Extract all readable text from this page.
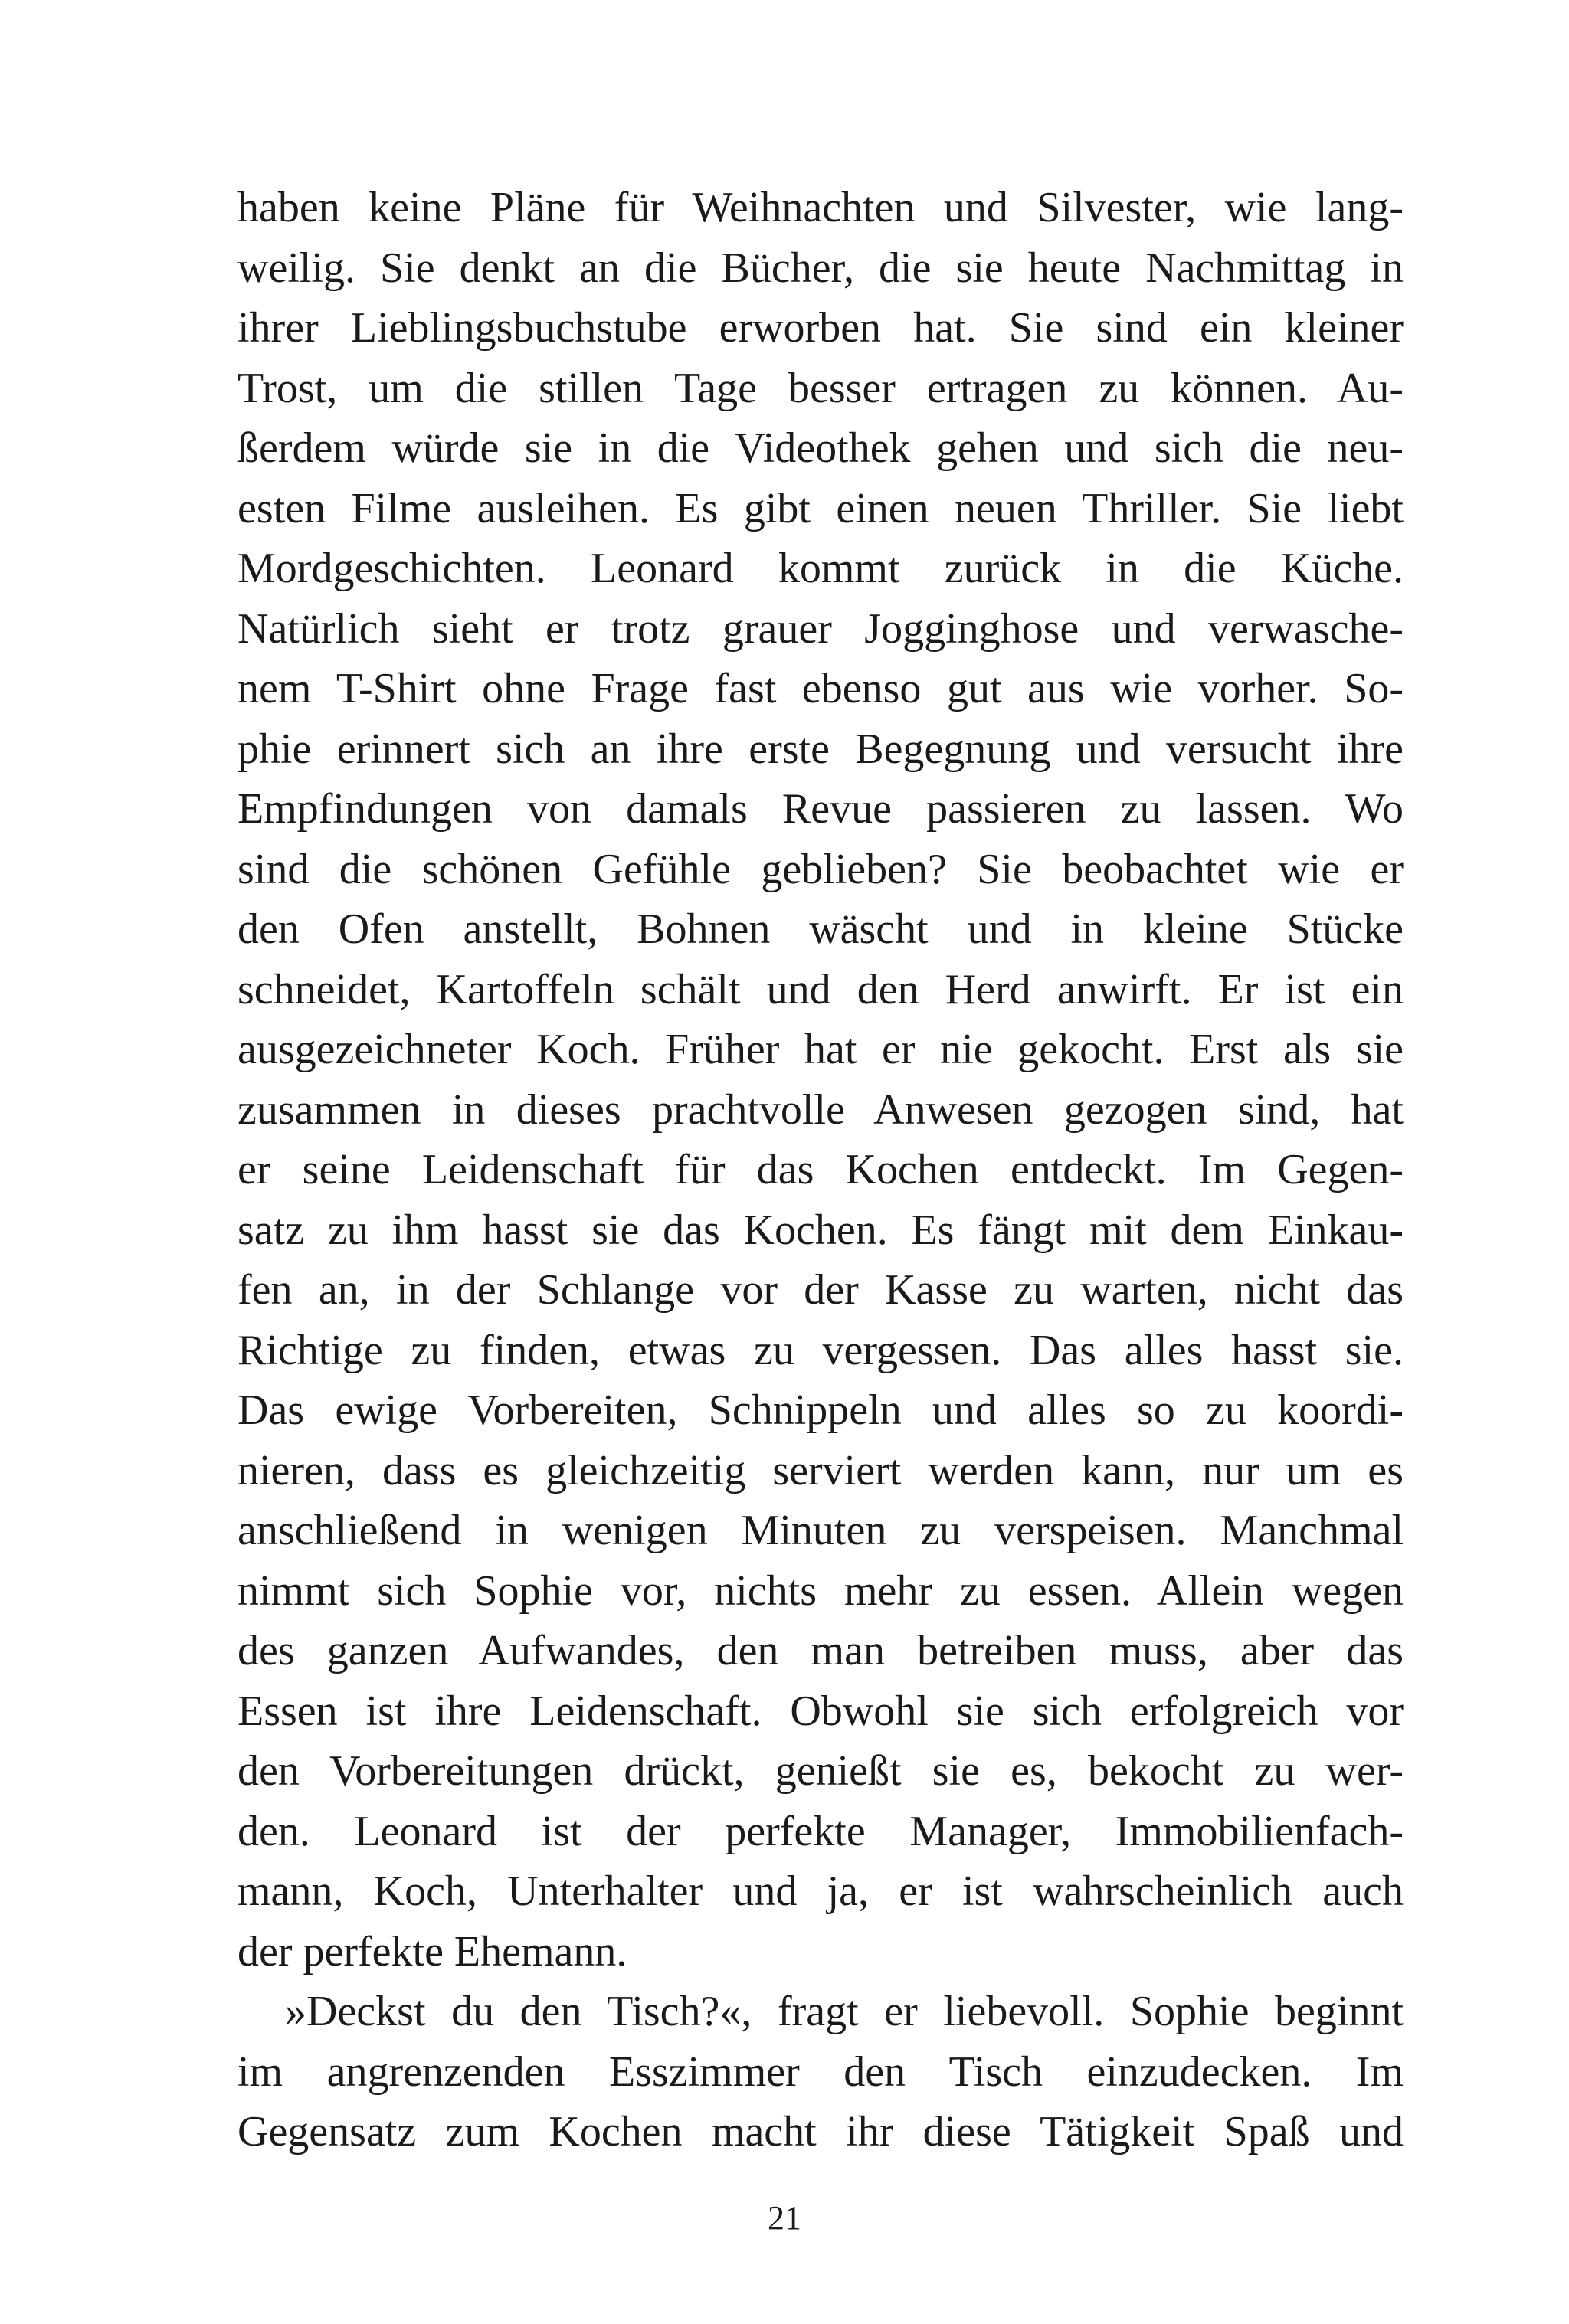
haben keine Pläne für Weihnachten und Silvester, wie lang-
weilig. Sie denkt an die Bücher, die sie heute Nachmittag in
ihrer Lieblingsbuchstube erworben hat. Sie sind ein kleiner
Trost, um die stillen Tage besser ertragen zu können. Au-
ßerdem würde sie in die Videothek gehen und sich die neu-
esten Filme ausleihen. Es gibt einen neuen Thriller. Sie liebt
Mordgeschichten. Leonard kommt zurück in die Küche.
Natürlich sieht er trotz grauer Jogginghose und verwasche-
nem T-Shirt ohne Frage fast ebenso gut aus wie vorher. So-
phie erinnert sich an ihre erste Begegnung und versucht ihre
Empfindungen von damals Revue passieren zu lassen. Wo
sind die schönen Gefühle geblieben? Sie beobachtet wie er
den Ofen anstellt, Bohnen wäscht und in kleine Stücke
schneidet, Kartoffeln schält und den Herd anwirft. Er ist ein
ausgezeichneter Koch. Früher hat er nie gekocht. Erst als sie
zusammen in dieses prachtvolle Anwesen gezogen sind, hat
er seine Leidenschaft für das Kochen entdeckt. Im Gegen-
satz zu ihm hasst sie das Kochen. Es fängt mit dem Einkau-
fen an, in der Schlange vor der Kasse zu warten, nicht das
Richtige zu finden, etwas zu vergessen. Das alles hasst sie.
Das ewige Vorbereiten, Schnippeln und alles so zu koordi-
nieren, dass es gleichzeitig serviert werden kann, nur um es
anschließend in wenigen Minuten zu verspeisen. Manchmal
nimmt sich Sophie vor, nichts mehr zu essen. Allein wegen
des ganzen Aufwandes, den man betreiben muss, aber das
Essen ist ihre Leidenschaft. Obwohl sie sich erfolgreich vor
den Vorbereitungen drückt, genießt sie es, bekocht zu wer-
den. Leonard ist der perfekte Manager, Immobilienfach-
mann, Koch, Unterhalter und ja, er ist wahrscheinlich auch
der perfekte Ehemann.
»Deckst du den Tisch?«, fragt er liebevoll. Sophie beginnt
im angrenzenden Esszimmer den Tisch einzudecken. Im
Gegensatz zum Kochen macht ihr diese Tätigkeit Spaß und
21
